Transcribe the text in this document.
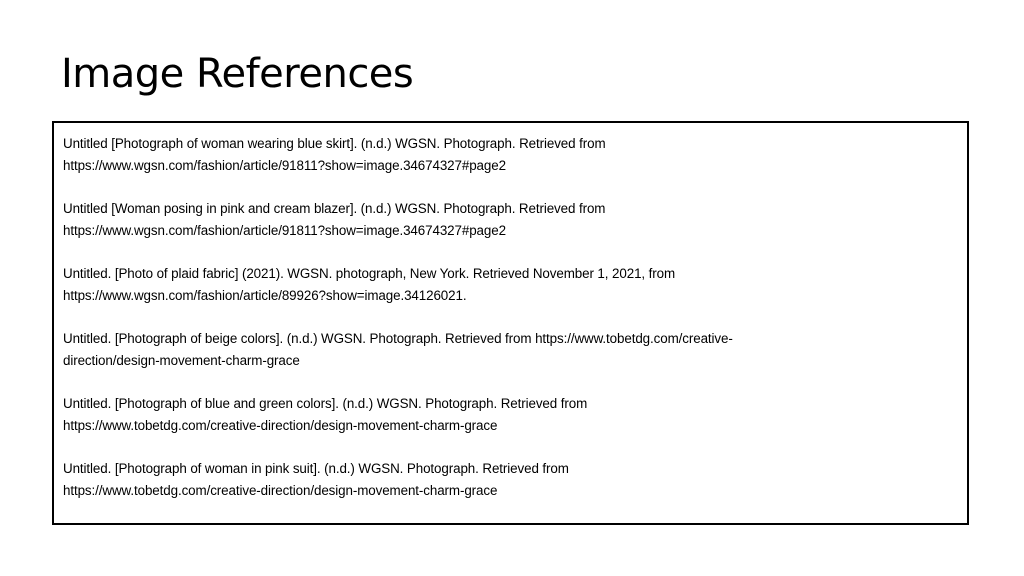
Image References
Untitled [Photograph of woman wearing blue skirt]. (n.d.) WGSN. Photograph. Retrieved from
https://www.wgsn.com/fashion/article/91811?show=image.34674327#page2
Untitled [Woman posing in pink and cream blazer]. (n.d.) WGSN. Photograph. Retrieved from
https://www.wgsn.com/fashion/article/91811?show=image.34674327#page2
Untitled. [Photo of plaid fabric] (2021). WGSN. photograph, New York. Retrieved November 1, 2021, from
https://www.wgsn.com/fashion/article/89926?show=image.34126021.
Untitled. [Photograph of beige colors]. (n.d.) WGSN. Photograph. Retrieved from https://www.tobetdg.com/creative-
direction/design-movement-charm-grace
Untitled. [Photograph of blue and green colors]. (n.d.) WGSN. Photograph. Retrieved from
https://www.tobetdg.com/creative-direction/design-movement-charm-grace
Untitled. [Photograph of woman in pink suit]. (n.d.) WGSN. Photograph. Retrieved from
https://www.tobetdg.com/creative-direction/design-movement-charm-grace
